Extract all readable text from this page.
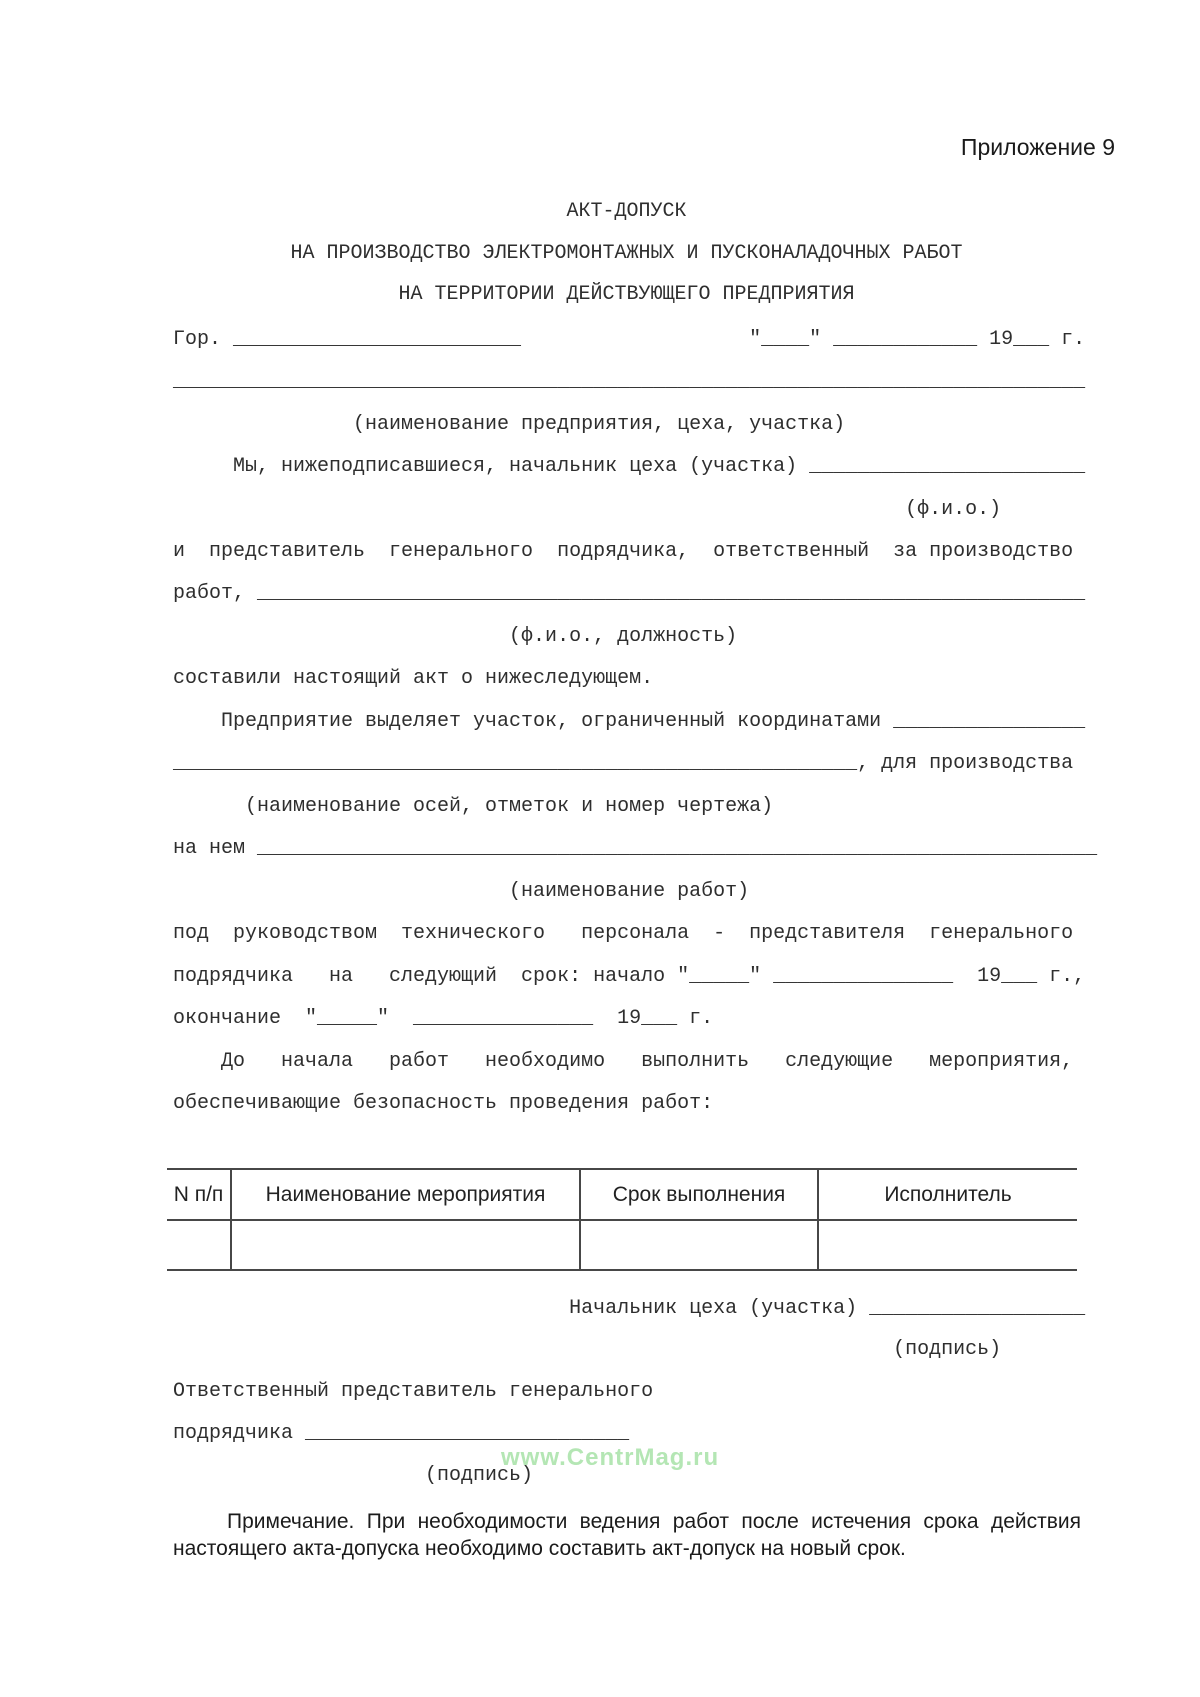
Приложение 9
АКТ-ДОПУСК
НА ПРОИЗВОДСТВО ЭЛЕКТРОМОНТАЖНЫХ И ПУСКОНАЛАДОЧНЫХ РАБОТ
НА ТЕРРИТОРИИ ДЕЙСТВУЮЩЕГО ПРЕДПРИЯТИЯ
Гор. ________________________                   "____" ____________ 19___ г.
____________________________________________________________________________
(наименование предприятия, цеха, участка)
Мы, нижеподписавшиеся, начальник цеха (участка) _______________________
(ф.и.о.)
и  представитель  генерального  подрядчика,  ответственный  за производство
работ, _____________________________________________________________________
(ф.и.о., должность)
составили настоящий акт о нижеследующем.
Предприятие выделяет участок, ограниченный координатами ________________
_________________________________________________________, для производства
(наименование осей, отметок и номер чертежа)
на нем ______________________________________________________________________
(наименование работ)
под  руководством  технического   персонала  -  представителя  генерального
подрядчика   на   следующий  срок: начало "_____" _______________  19___ г.,
окончание  "_____"  _______________  19___ г.
До   начала   работ   необходимо   выполнить   следующие   мероприятия,
обеспечивающие безопасность проведения работ:
N п/п	Наименование мероприятия	Срок выполнения	Исполнитель
Начальник цеха (участка) __________________
(подпись)
Ответственный представитель генерального
подрядчика ___________________________
(подпись)
www.CentrMag.ru
Примечание. При необходимости ведения работ после истечения срока действия настоящего акта-допуска необходимо составить акт-допуск на новый срок.
